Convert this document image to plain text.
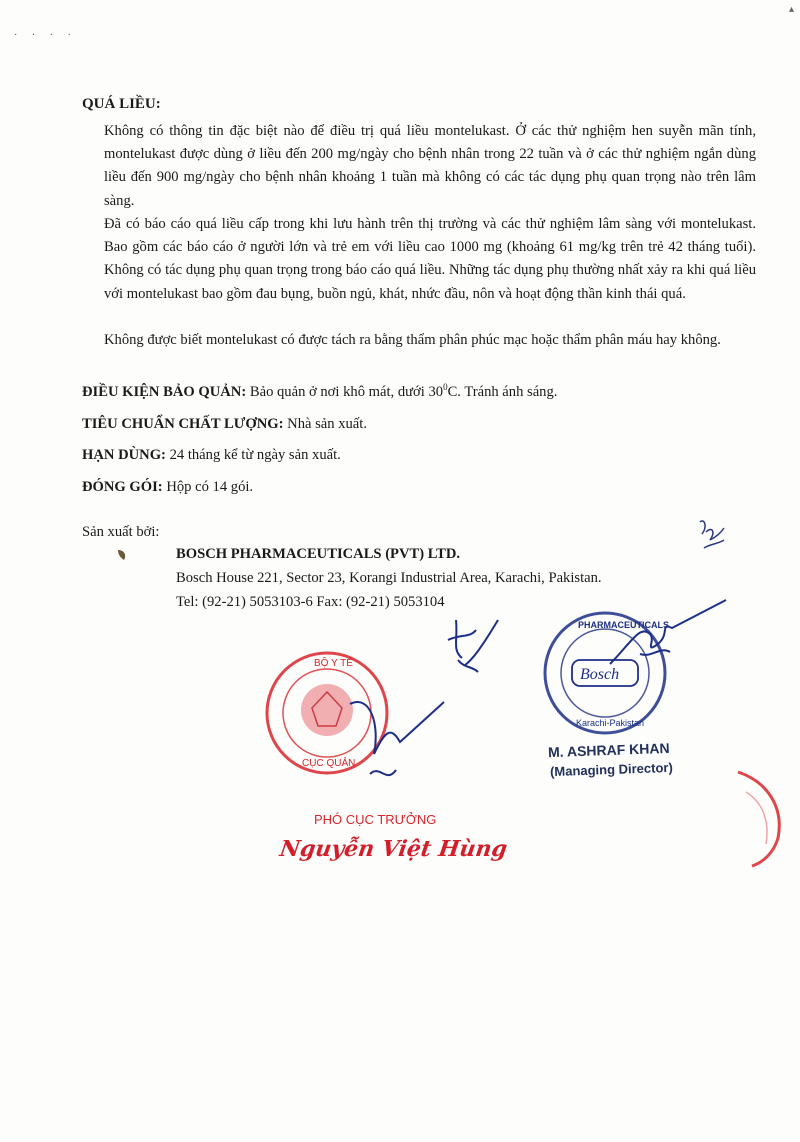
· · · ·
▴
QUÁ LIỀU:
Không có thông tin đặc biệt nào để điều trị quá liều montelukast. Ở các thử nghiệm hen suyễn mãn tính, montelukast được dùng ở liều đến 200 mg/ngày cho bệnh nhân trong 22 tuần và ở các thử nghiệm ngắn dùng liều đến 900 mg/ngày cho bệnh nhân khoảng 1 tuần mà không có các tác dụng phụ quan trọng nào trên lâm sàng.
Đã có báo cáo quá liều cấp trong khi lưu hành trên thị trường và các thử nghiệm lâm sàng với montelukast. Bao gồm các báo cáo ở người lớn và trẻ em với liều cao 1000 mg (khoảng 61 mg/kg trên trẻ 42 tháng tuổi). Không có tác dụng phụ quan trọng trong báo cáo quá liều. Những tác dụng phụ thường nhất xảy ra khi quá liều với montelukast bao gồm đau bụng, buồn ngủ, khát, nhức đầu, nôn và hoạt động thần kinh thái quá.
Không được biết montelukast có được tách ra bằng thẩm phân phúc mạc hoặc thẩm phân máu hay không.
ĐIỀU KIỆN BẢO QUẢN: Bảo quản ở nơi khô mát, dưới $30^0C$. Tránh ánh sáng.
TIÊU CHUẨN CHẤT LƯỢNG: Nhà sản xuất.
HẠN DÙNG: 24 tháng kể từ ngày sản xuất.
ĐÓNG GÓI: Hộp có 14 gói.
Sản xuất bởi:
BOSCH PHARMACEUTICALS (PVT) LTD.
Bosch House 221, Sector 23, Korangi Industrial Area, Karachi, Pakistan.
Tel: (92-21) 5053103-6 Fax: (92-21) 5053104
BỘ Y TẾ
CỤC QUẢN
Bosch
PHARMACEUTICALS
Karachi-Pakistan
M. ASHRAF KHAN
(Managing Director)
PHÓ CỤC TRƯỞNG
Nguyễn Việt Hùng
